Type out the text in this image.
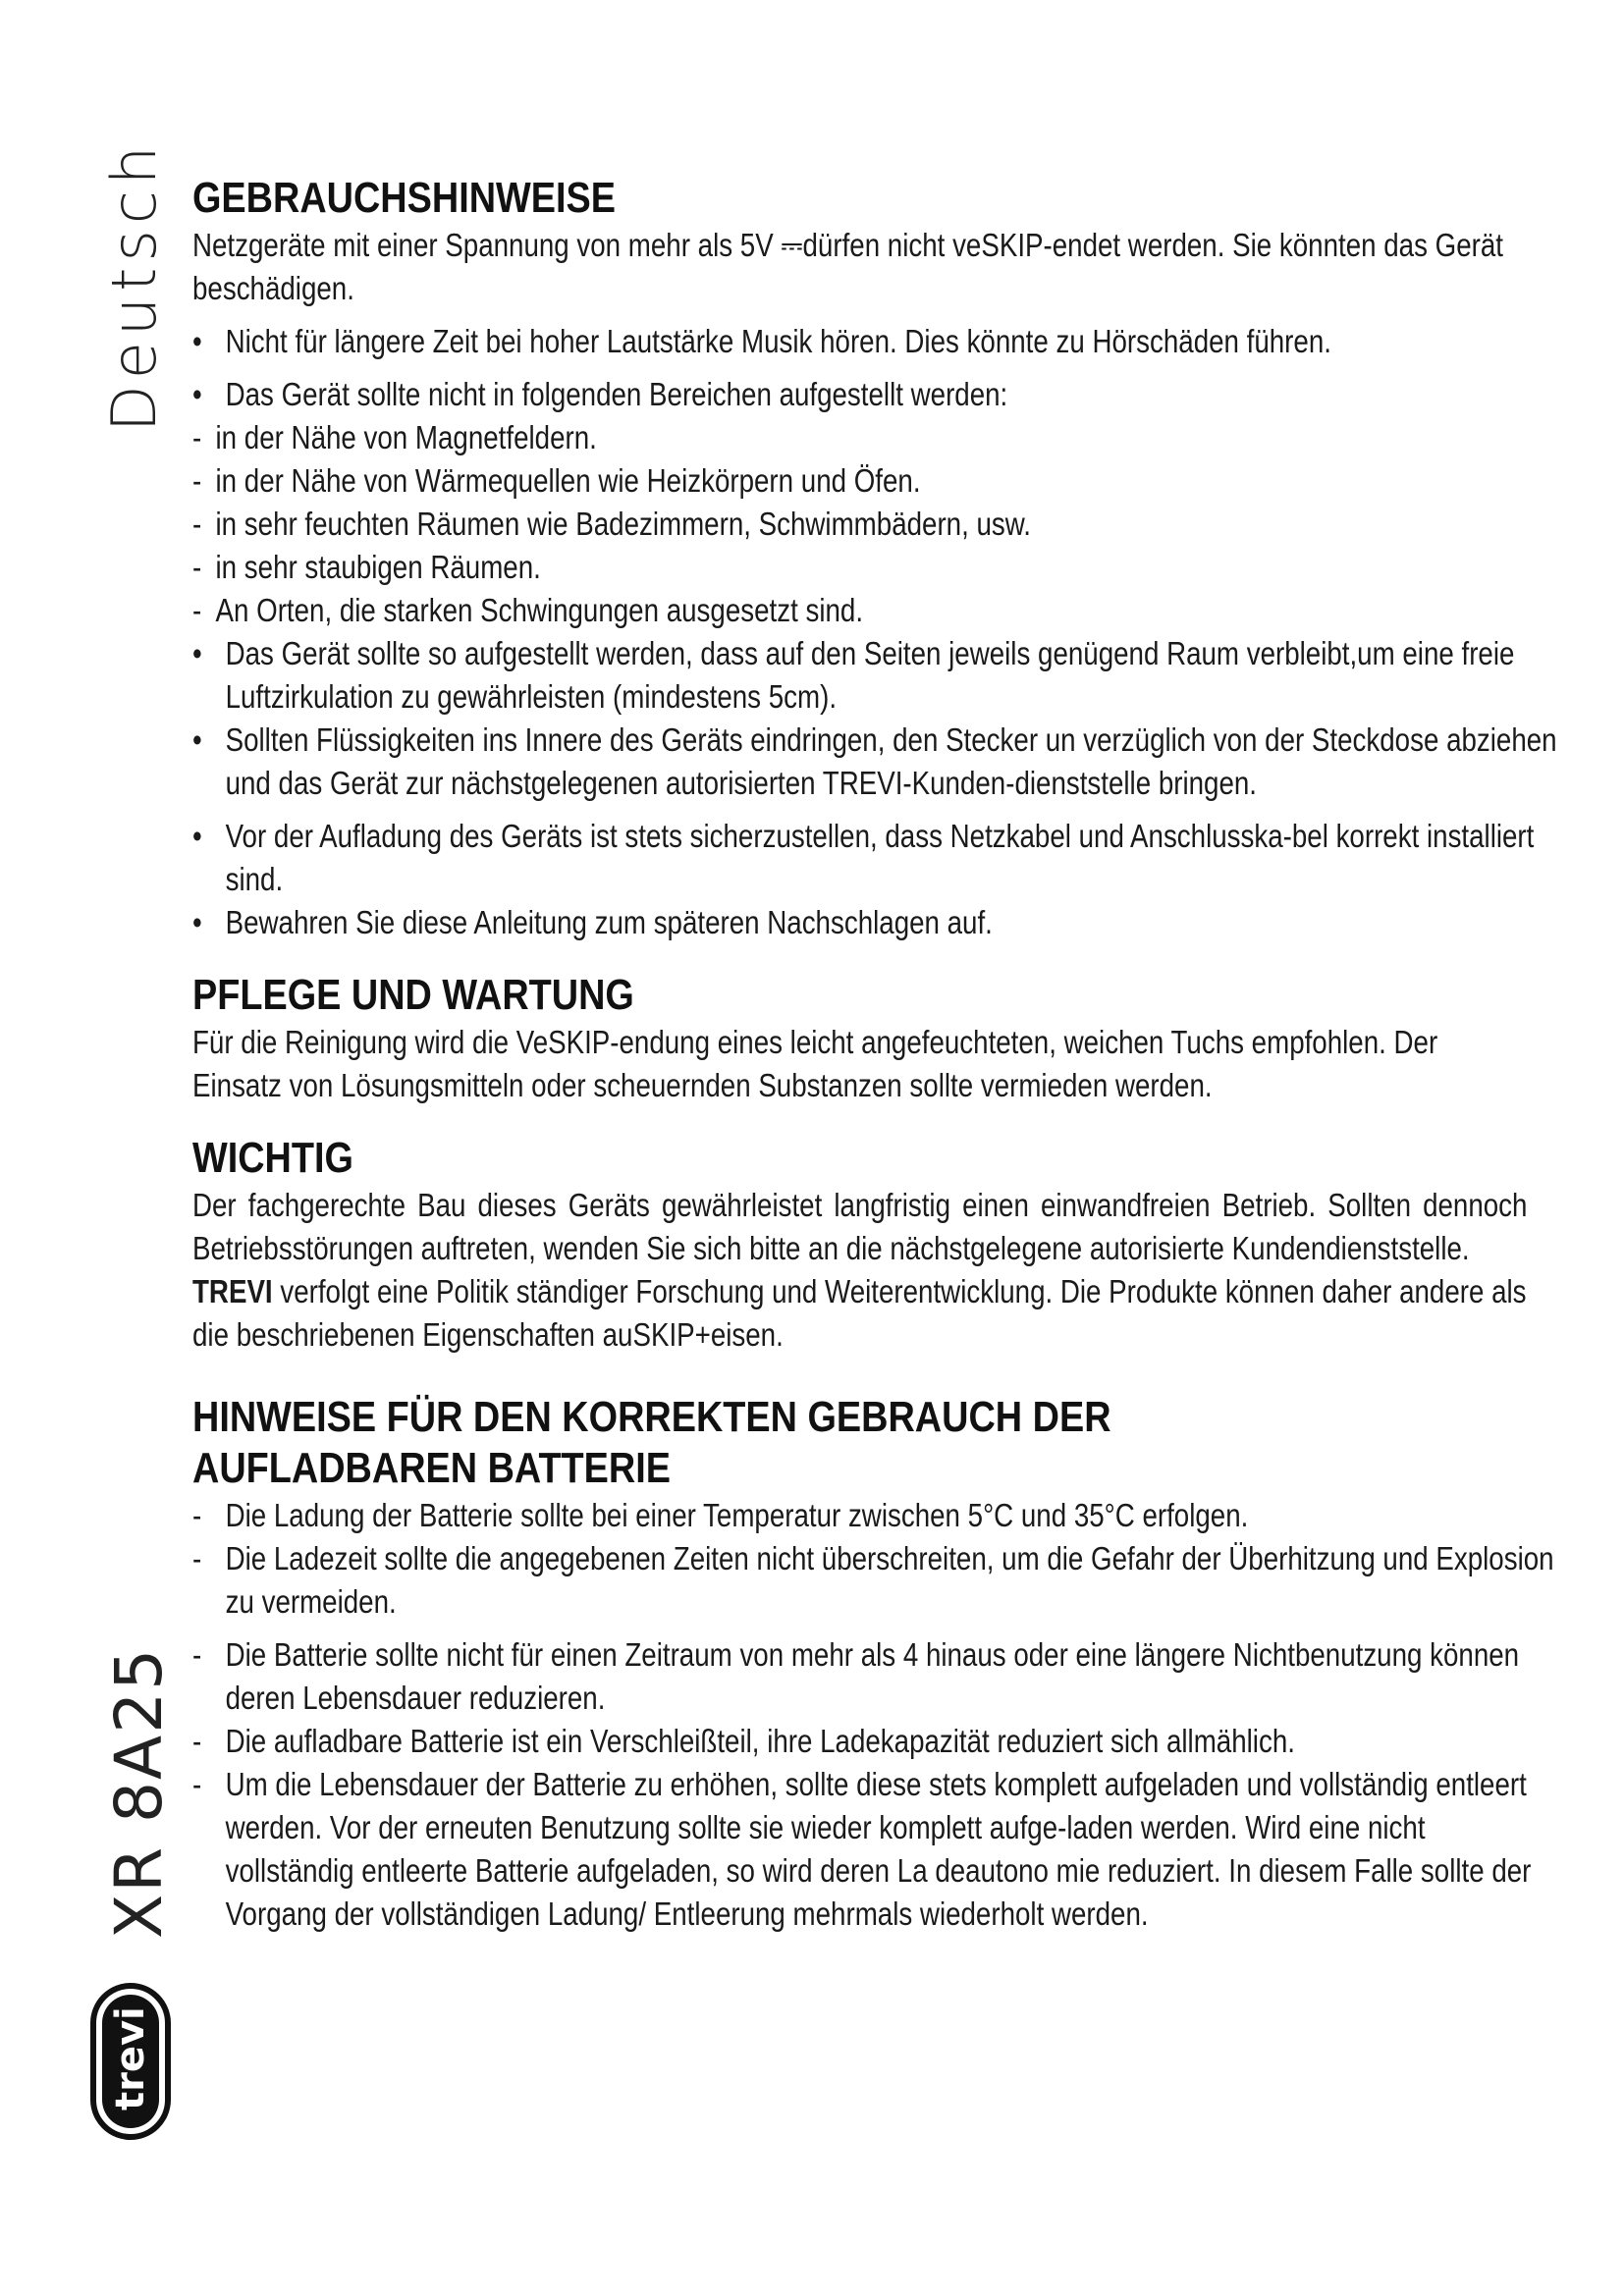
Deutsch
XR 8A25
trevi
GEBRAUCHSHINWEISE

Netzgeräte mit einer Spannung von mehr als 5V ⎓dürfen nicht veSKIP-endet werden. Sie könnten das Gerät beschädigen.

• Nicht für längere Zeit bei hoher Lautstärke Musik hören. Dies könnte zu Hörschäden führen.
• Das Gerät sollte nicht in folgenden Bereichen aufgestellt werden:
- in der Nähe von Magnetfeldern.
- in der Nähe von Wärmequellen wie Heizkörpern und Öfen.
- in sehr feuchten Räumen wie Badezimmern, Schwimmbädern, usw.
- in sehr staubigen Räumen.
- An Orten, die starken Schwingungen ausgesetzt sind.
• Das Gerät sollte so aufgestellt werden, dass auf den Seiten jeweils genügend Raum verbleibt,um eine freie Luftzirkulation zu gewährleisten (mindestens 5cm).
• Sollten Flüssigkeiten ins Innere des Geräts eindringen, den Stecker un verzüglich von der Steckdose abziehen und das Gerät zur nächstgelegenen autorisierten TREVI-Kunden-dienststelle bringen.
• Vor der Aufladung des Geräts ist stets sicherzustellen, dass Netzkabel und Anschlusska-bel korrekt installiert sind.
• Bewahren Sie diese Anleitung zum späteren Nachschlagen auf.
PFLEGE UND WARTUNG

Für die Reinigung wird die VeSKIP-endung eines leicht angefeuchteten, weichen Tuchs empfohlen. Der Einsatz von Lösungsmitteln oder scheuernden Substanzen sollte vermieden werden.

WICHTIG

Der fachgerechte Bau dieses Geräts gewährleistet langfristig einen einwandfreien Betrieb. Sollten dennoch Betriebsstörungen auftreten, wenden Sie sich bitte an die nächstgelegene autorisierte Kundendienststelle.

TREVI verfolgt eine Politik ständiger Forschung und Weiterentwicklung. Die Produkte können daher andere als die beschriebenen Eigenschaften auSKIP+eisen.

HINWEISE FÜR DEN KORREKTEN GEBRAUCH DER AUFLADBAREN BATTERIE
- Die Ladung der Batterie sollte bei einer Temperatur zwischen 5°C und 35°C erfolgen.
- Die Ladezeit sollte die angegebenen Zeiten nicht überschreiten, um die Gefahr der Überhitzung und Explosion zu vermeiden.
- Die Batterie sollte nicht für einen Zeitraum von mehr als 4 hinaus oder eine längere Nichtbenutzung können deren Lebensdauer reduzieren.
- Die aufladbare Batterie ist ein Verschleißteil, ihre Ladekapazität reduziert sich allmählich.
- Um die Lebensdauer der Batterie zu erhöhen, sollte diese stets komplett aufgeladen und vollständig entleert werden. Vor der erneuten Benutzung sollte sie wieder komplett aufge-laden werden. Wird eine nicht vollständig entleerte Batterie aufgeladen, so wird deren La deautono mie reduziert. In diesem Falle sollte der Vorgang der vollständigen Ladung/ Entleerung mehrmals wiederholt werden.
